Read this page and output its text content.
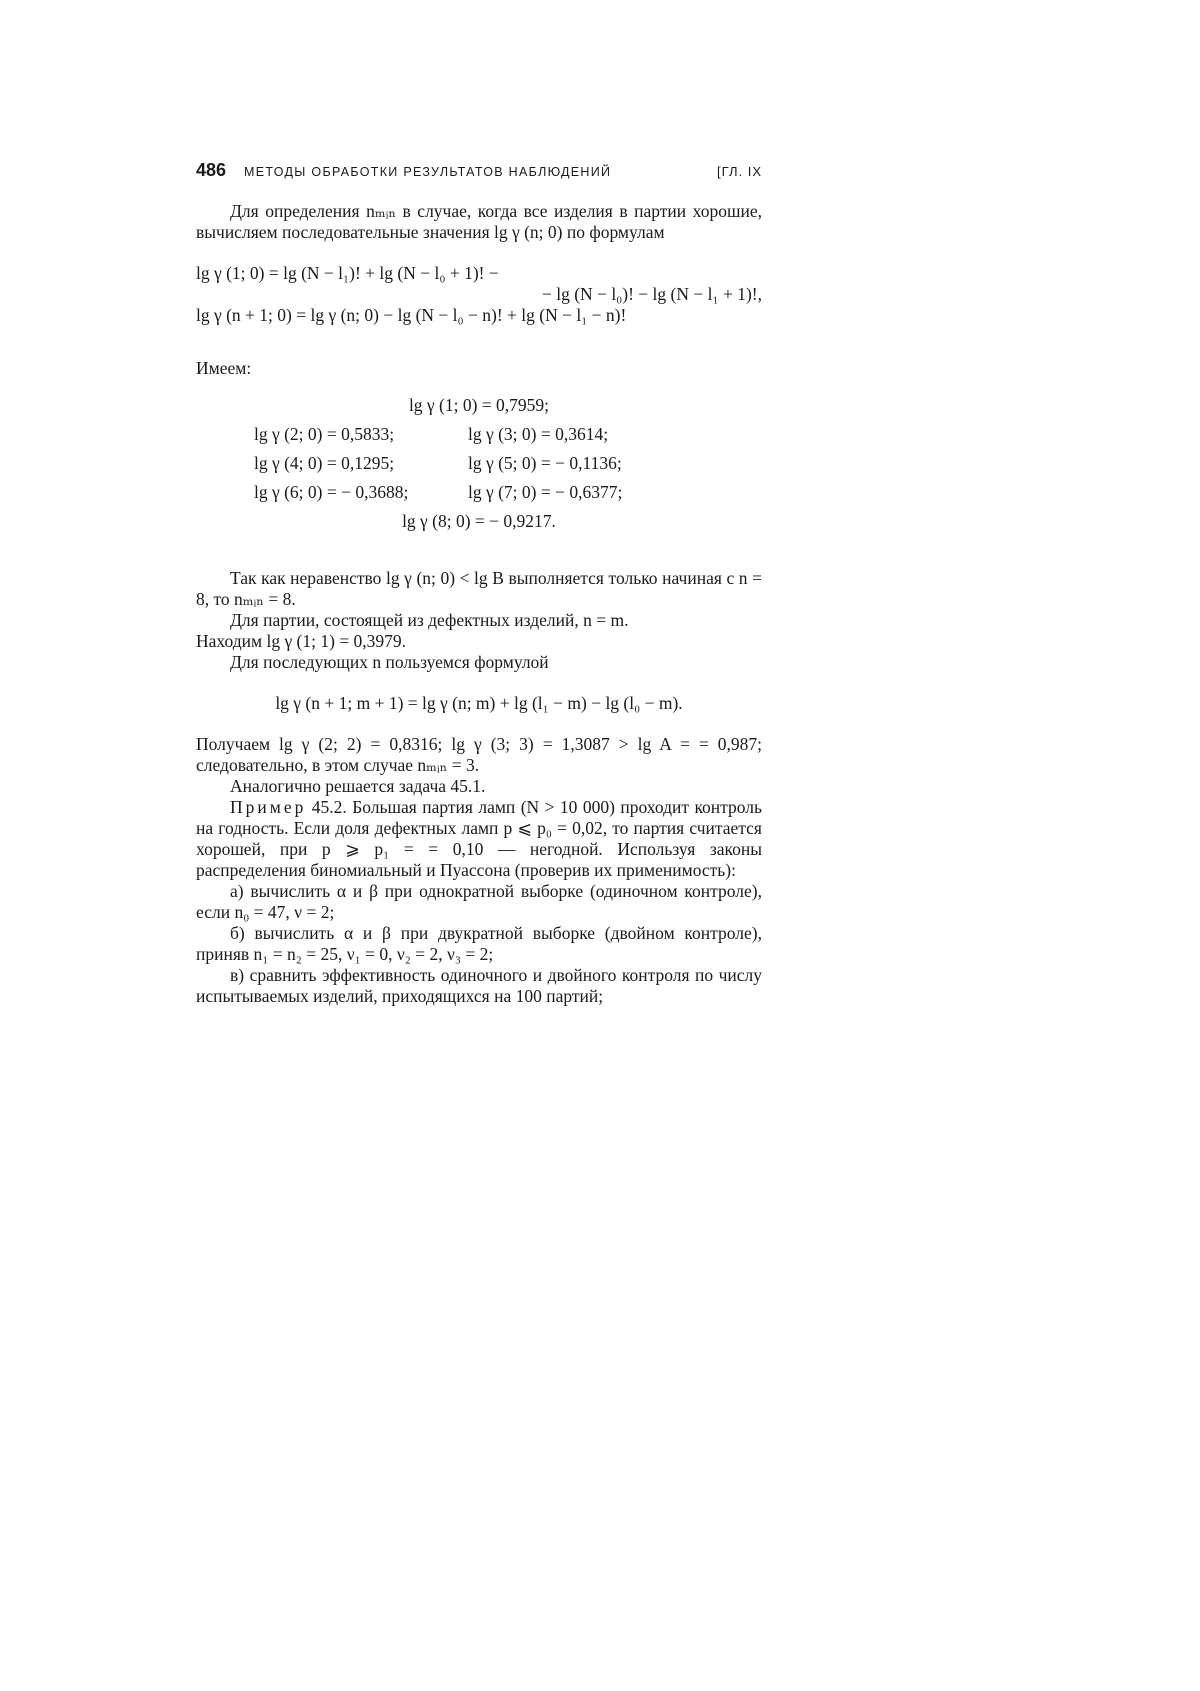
486 МЕТОДЫ ОБРАБОТКИ РЕЗУЛЬТАТОВ НАБЛЮДЕНИЙ	[ГЛ. IX

Для определения nₘᵢₙ в случае, когда все изделия в партии хорошие, вычисляем последовательные значения lg γ (n; 0) по формулам

lg γ (1; 0) = lg (N − l₁)! + lg (N − l₀ + 1)! −
− lg (N − l₀)! − lg (N − l₁ + 1)!,
lg γ (n + 1; 0) = lg γ (n; 0) − lg (N − l₀ − n)! + lg (N − l₁ − n)!

Имеем:

lg γ (1; 0) = 0,7959;
lg γ (2; 0) = 0,5833;	lg γ (3; 0) = 0,3614;
lg γ (4; 0) = 0,1295;	lg γ (5; 0) = − 0,1136;
lg γ (6; 0) = − 0,3688;	lg γ (7; 0) = − 0,6377;
lg γ (8; 0) = − 0,9217.

Так как неравенство lg γ (n; 0) < lg B выполняется только начиная с n = 8, то nₘᵢₙ = 8.

Для партии, состоящей из дефектных изделий, n = m.

Находим lg γ (1; 1) = 0,3979.

Для последующих n пользуемся формулой

lg γ (n + 1; m + 1) = lg γ (n; m) + lg (l₁ − m) − lg (l₀ − m).

Получаем lg γ (2; 2) = 0,8316; lg γ (3; 3) = 1,3087 > lg A = = 0,987; следовательно, в этом случае nₘᵢₙ = 3.

Аналогично решается задача 45.1.

Пример 45.2. Большая партия ламп (N > 10 000) проходит контроль на годность. Если доля дефектных ламп p ⩽ p₀ = 0,02, то партия считается хорошей, при p ⩾ p₁ = = 0,10 — негодной. Используя законы распределения биномиальный и Пуассона (проверив их применимость):

а) вычислить α и β при однократной выборке (одиночном контроле), если n₀ = 47, ν = 2;

б) вычислить α и β при двукратной выборке (двойном контроле), приняв n₁ = n₂ = 25, ν₁ = 0, ν₂ = 2, ν₃ = 2;

в) сравнить эффективность одиночного и двойного контроля по числу испытываемых изделий, приходящихся на 100 партий;
